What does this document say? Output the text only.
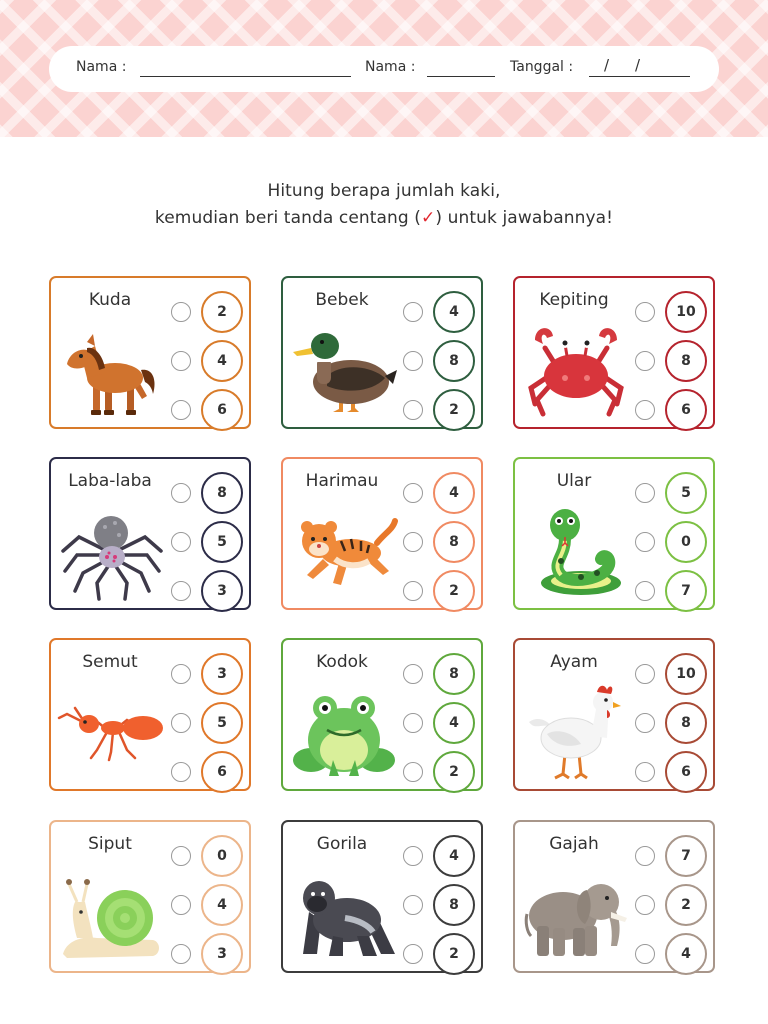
Nama :	Nama :	Tanggal : / /
Hitung berapa jumlah kaki,
kemudian beri tanda centang (✓) untuk jawabannya!
Kuda
2
4
6
Bebek
4
8
2
Kepiting
10
8
6
Laba-laba
8
5
3
Harimau
4
8
2
Ular
5
0
7
Semut
3
5
6
Kodok
8
4
2
Ayam
10
8
6
Siput
0
4
3
Gorila
4
8
2
Gajah
7
2
4
